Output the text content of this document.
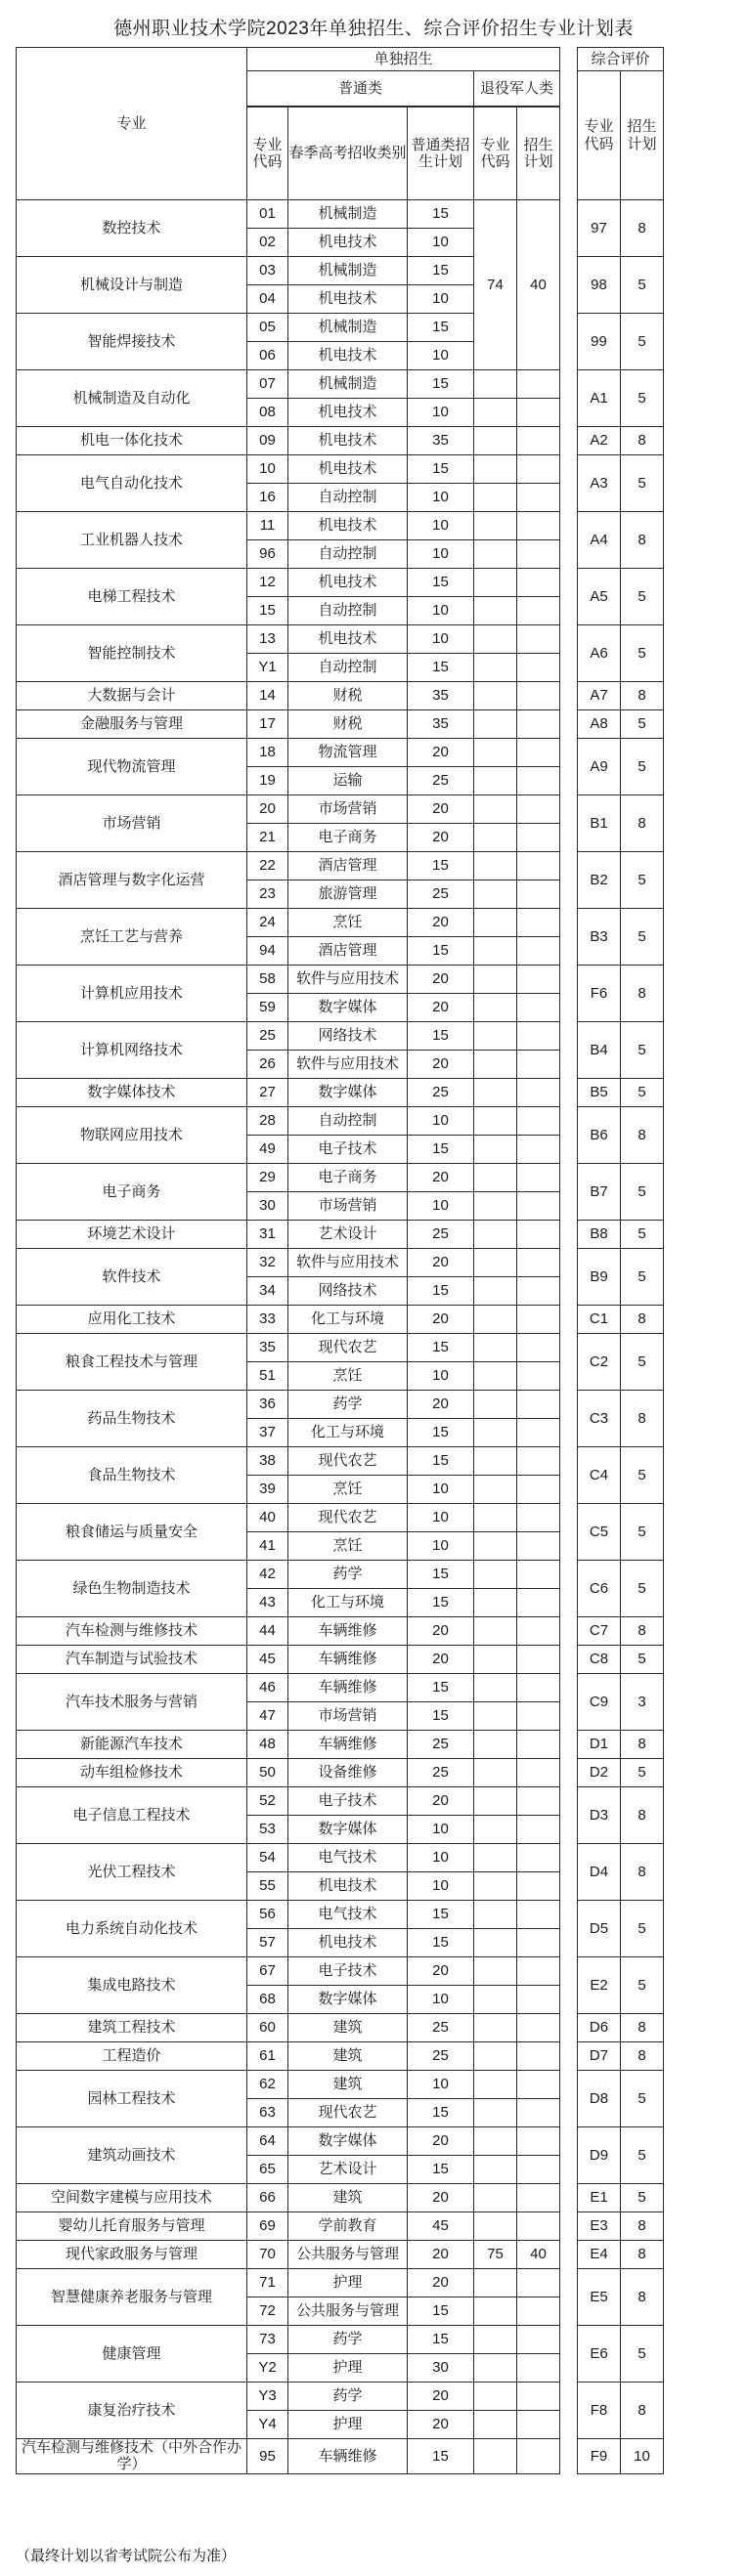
德州职业技术学院2023年单独招生、综合评价招生专业计划表
专业	单独招生						综合评价		
	普通类			退役军人类			专业代码	招生计划	

	专业代码	春季高考招收类别	普通类招生计划	专业代码	招生计划				
数控技术	01	机械制造	15	74	40		97	8	
	02	机电技术	10						
机械设计与制造	03	机械制造	15				98	5	
	04	机电技术	10						
智能焊接技术	05	机械制造	15				99	5	
	06	机电技术	10						
机械制造及自动化	07	机械制造	15				A1	5	
	08	机电技术	10						
机电一体化技术	09	机电技术	35				A2	8	
电气自动化技术	10	机电技术	15				A3	5	
	16	自动控制	10						
工业机器人技术	11	机电技术	10				A4	8	
	96	自动控制	10						
电梯工程技术	12	机电技术	15				A5	5	
	15	自动控制	10						
智能控制技术	13	机电技术	10				A6	5	
	Y1	自动控制	15						
大数据与会计	14	财税	35				A7	8	
金融服务与管理	17	财税	35				A8	5	
现代物流管理	18	物流管理	20				A9	5	
	19	运输	25						
市场营销	20	市场营销	20				B1	8	
	21	电子商务	20						
酒店管理与数字化运营	22	酒店管理	15				B2	5	
	23	旅游管理	25						
烹饪工艺与营养	24	烹饪	20				B3	5	
	94	酒店管理	15						
计算机应用技术	58	软件与应用技术	20				F6	8	
	59	数字媒体	20						
计算机网络技术	25	网络技术	15				B4	5	
	26	软件与应用技术	20						
数字媒体技术	27	数字媒体	25				B5	5	
物联网应用技术	28	自动控制	10				B6	8	
	49	电子技术	15						
电子商务	29	电子商务	20				B7	5	
	30	市场营销	10						
环境艺术设计	31	艺术设计	25				B8	5	
软件技术	32	软件与应用技术	20				B9	5	
	34	网络技术	15						
应用化工技术	33	化工与环境	20				C1	8	
粮食工程技术与管理	35	现代农艺	15				C2	5	
	51	烹饪	10						
药品生物技术	36	药学	20				C3	8	
	37	化工与环境	15						
食品生物技术	38	现代农艺	15				C4	5	
	39	烹饪	10						
粮食储运与质量安全	40	现代农艺	10				C5	5	
	41	烹饪	10						
绿色生物制造技术	42	药学	15				C6	5	
	43	化工与环境	15						
汽车检测与维修技术	44	车辆维修	20				C7	8	
汽车制造与试验技术	45	车辆维修	20				C8	5	
汽车技术服务与营销	46	车辆维修	15				C9	3	
	47	市场营销	15						
新能源汽车技术	48	车辆维修	25				D1	8	
动车组检修技术	50	设备维修	25				D2	5	
电子信息工程技术	52	电子技术	20				D3	8	
	53	数字媒体	10						
光伏工程技术	54	电气技术	10				D4	8	
	55	机电技术	10						
电力系统自动化技术	56	电气技术	15				D5	5	
	57	机电技术	15						
集成电路技术	67	电子技术	20				E2	5	
	68	数字媒体	10						
建筑工程技术	60	建筑	25				D6	8	
工程造价	61	建筑	25				D7	8	
园林工程技术	62	建筑	10				D8	5	
	63	现代农艺	15						
建筑动画技术	64	数字媒体	20				D9	5	
	65	艺术设计	15						
空间数字建模与应用技术	66	建筑	20				E1	5	
婴幼儿托育服务与管理	69	学前教育	45				E3	8	
现代家政服务与管理	70	公共服务与管理	20	75	40		E4	8	
智慧健康养老服务与管理	71	护理	20				E5	8	
	72	公共服务与管理	15						
健康管理	73	药学	15				E6	5	
	Y2	护理	30						
康复治疗技术	Y3	药学	20				F8	8	
	Y4	护理	20						
汽车检测与维修技术（中外合作办学）	95	车辆维修	15				F9	10	
（最终计划以省考试院公布为准）
